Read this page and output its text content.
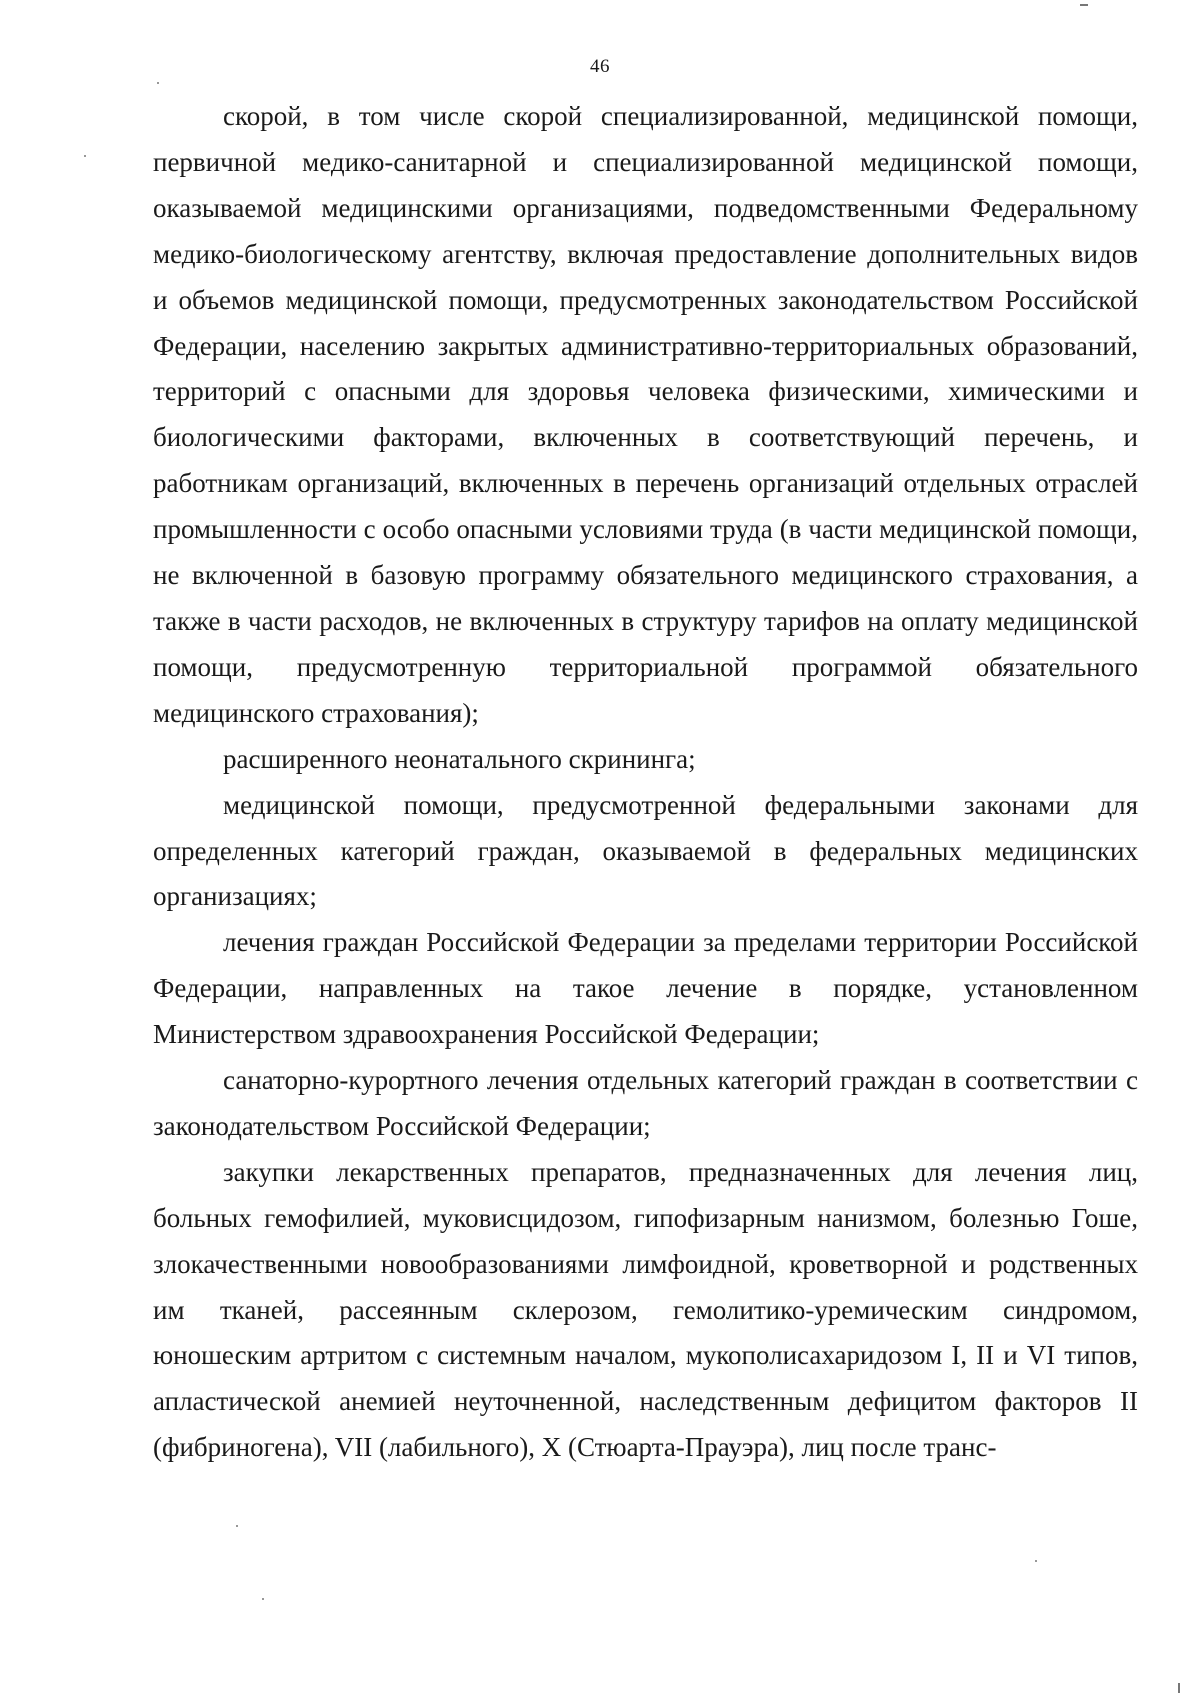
46

скорой, в том числе скорой специализированной, медицинской помощи, первичной медико-санитарной и специализированной медицинской помощи, оказываемой медицинскими организациями, подведомственными Федеральному медико-биологическому агентству, включая предоставление дополнительных видов и объемов медицинской помощи, предусмотренных законодательством Российской Федерации, населению закрытых административно-территориальных образований, территорий с опасными для здоровья человека физическими, химическими и биологическими факторами, включенных в соответствующий перечень, и работникам организаций, включенных в перечень организаций отдельных отраслей промышленности с особо опасными условиями труда (в части медицинской помощи, не включенной в базовую программу обязательного медицинского страхования, а также в части расходов, не включенных в структуру тарифов на оплату медицинской помощи, предусмотренную территориальной программой обязательного медицинского страхования);

расширенного неонатального скрининга;

медицинской помощи, предусмотренной федеральными законами для определенных категорий граждан, оказываемой в федеральных медицинских организациях;

лечения граждан Российской Федерации за пределами территории Российской Федерации, направленных на такое лечение в порядке, установленном Министерством здравоохранения Российской Федерации;

санаторно-курортного лечения отдельных категорий граждан в соответствии с законодательством Российской Федерации;

закупки лекарственных препаратов, предназначенных для лечения лиц, больных гемофилией, муковисцидозом, гипофизарным нанизмом, болезнью Гоше, злокачественными новообразованиями лимфоидной, кроветворной и родственных им тканей, рассеянным склерозом, гемолитико-уремическим синдромом, юношеским артритом с системным началом, мукополисахаридозом I, II и VI типов, апластической анемией неуточненной, наследственным дефицитом факторов II (фибриногена), VII (лабильного), X (Стюарта-Прауэра), лиц после транс-
